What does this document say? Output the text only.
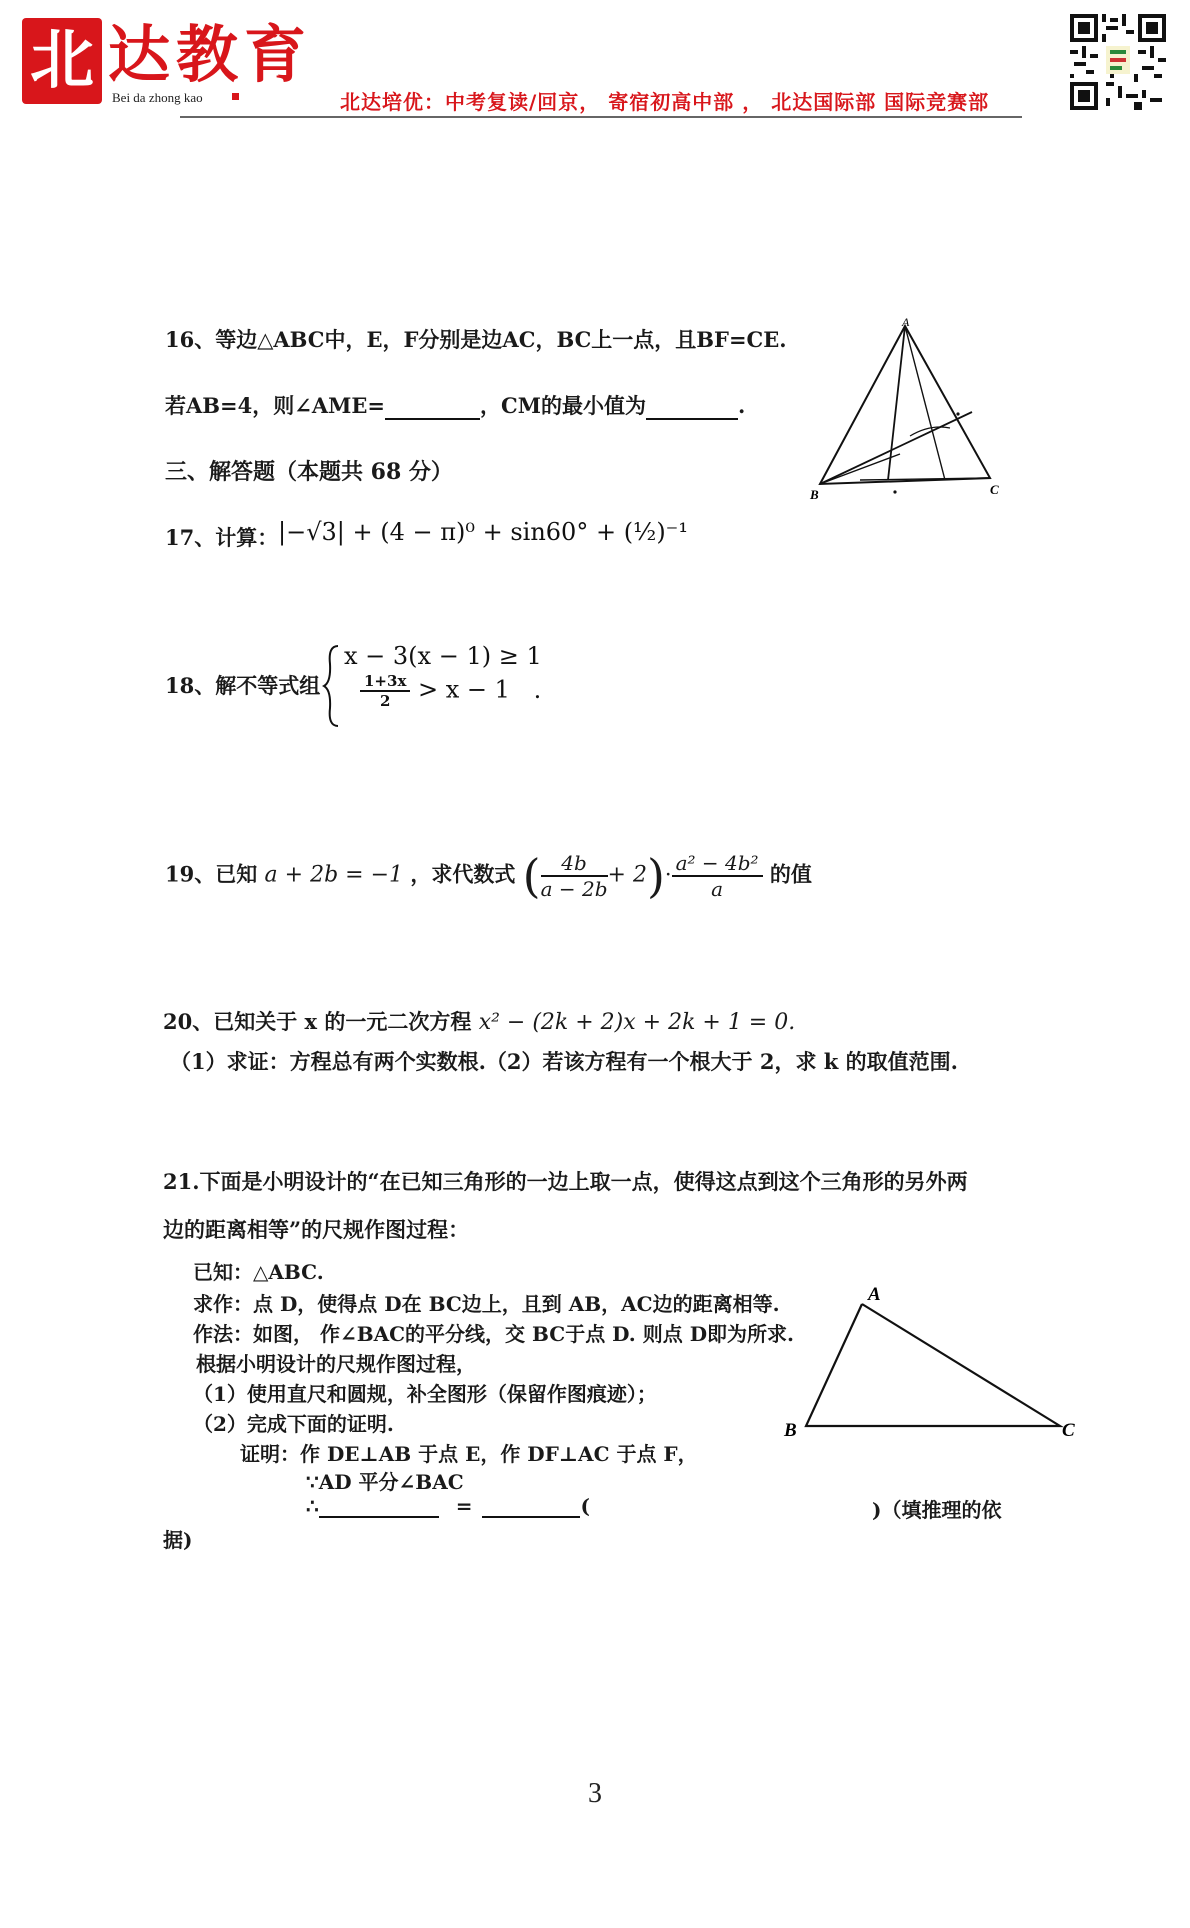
北 达教育
Bei da zhong kao	北达培优：中考复读/回京， 寄宿初高中部 ， 北达国际部 国际竞赛部
16、等边△ABC中，E，F分别是边AC，BC上一点，且BF=CE.
若AB=4，则∠AME=	，CM的最小值为	.
A
B	C
三、解答题（本题共 68 分）
17、计算： |−√3| + (4 − π)⁰ + sin60° + (½)⁻¹
18、解不等式组
x − 3(x − 1) ≥ 1
$\frac{1+3x}{2} > x - 1$ .
19、已知 a + 2b = −1 ，求代数式 ( $\frac{4b}{a - 2b} + 2)\cdot \frac{\text{a² − 4b²}}{a}$ 的值
20、已知关于 x 的一元二次方程 x² − (2k + 2)x + 2k + 1 = 0.
（1）求证：方程总有两个实数根.（2）若该方程有一个根大于 2，求 k 的取值范围.
21.下面是小明设计的“在已知三角形的一边上取一点，使得这点到这个三角形的另外两
边的距离相等”的尺规作图过程：
已知：△ABC.
求作：点 D，使得点 D在 BC边上，且到 AB，AC边的距离相等.
作法：如图， 作∠BAC的平分线，交 BC于点 D. 则点 D即为所求.
根据小明设计的尺规作图过程，
（1）使用直尺和圆规，补全图形（保留作图痕迹）；
（2）完成下面的证明.
证明：作 DE⊥AB 于点 E，作 DF⊥AC 于点 F，
∵AD 平分∠BAC
∴	=	(	)（填推理的依
据)
A
B	C
3
